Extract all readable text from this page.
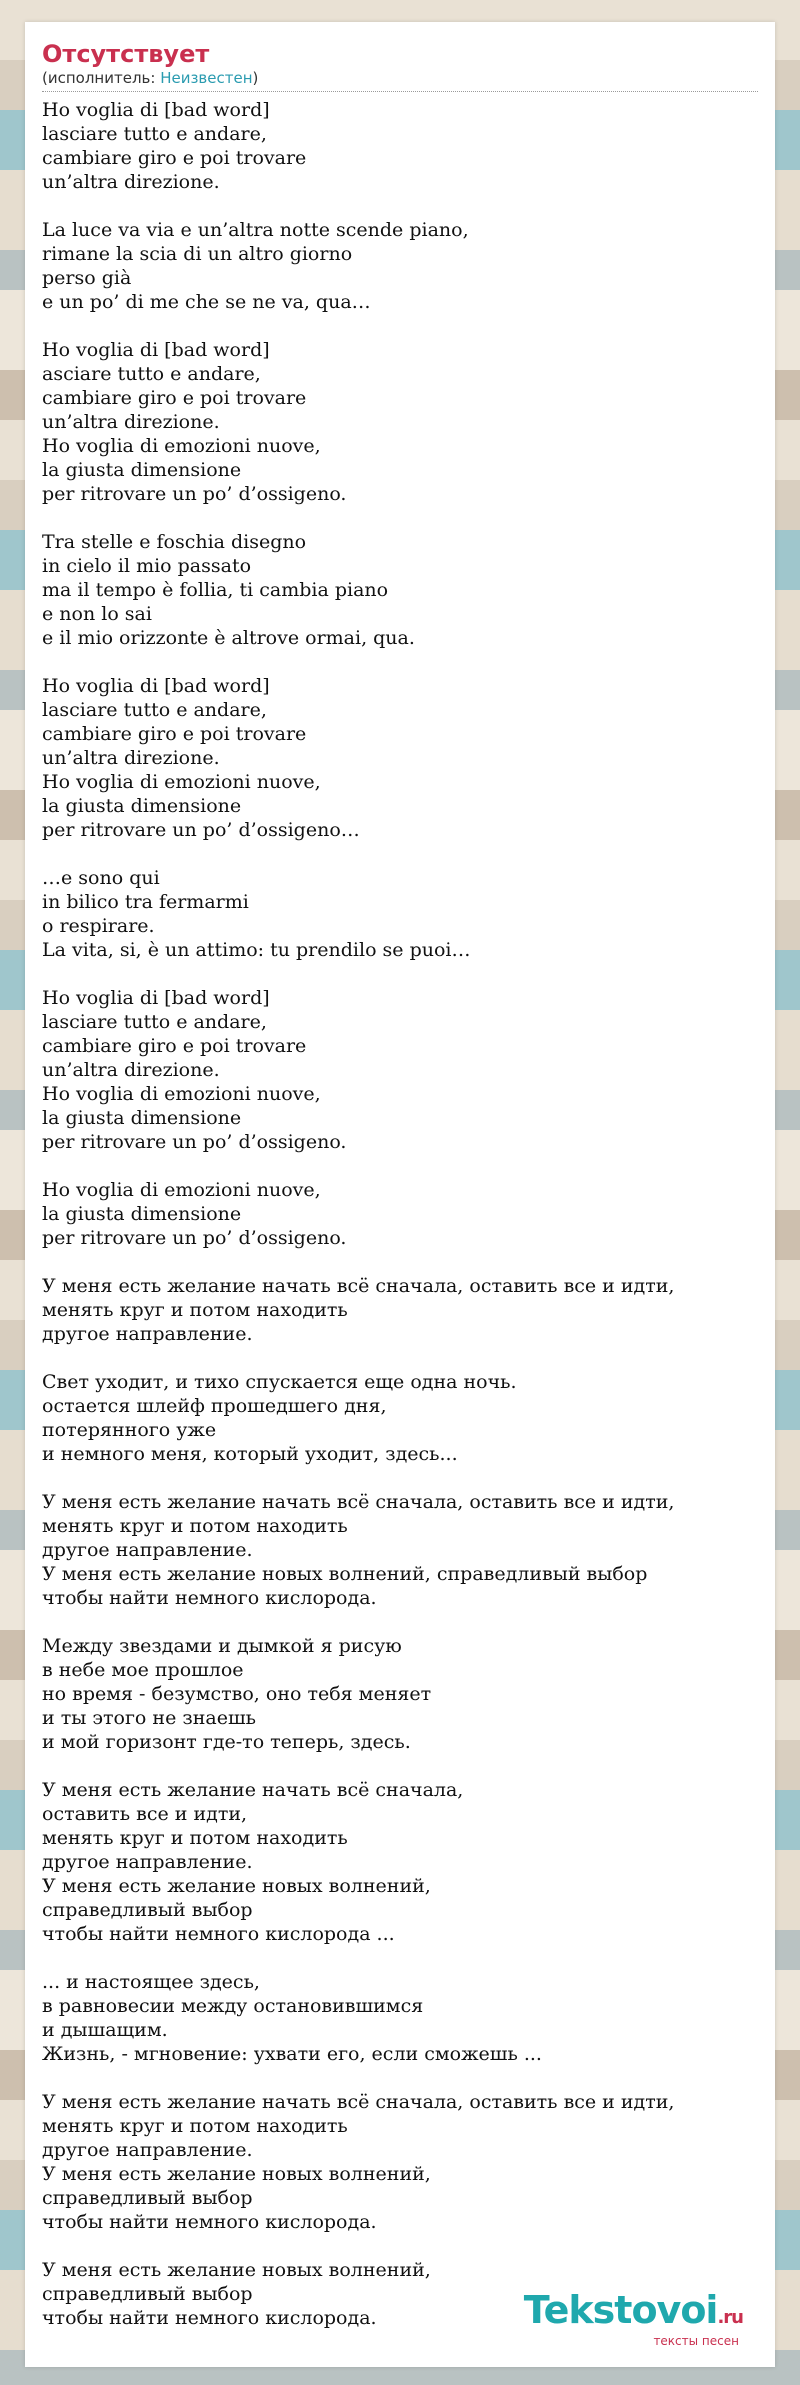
Отсутствует
(исполнитель: Неизвестен)
Ho voglia di [bad word]
lasciare tutto e andare,
cambiare giro e poi trovare
un’altra direzione.

La luce va via e un’altra notte scende piano,
rimane la scia di un altro giorno
perso già
e un po’ di me che se ne va, qua…

Ho voglia di [bad word]
asciare tutto e andare,
cambiare giro e poi trovare
un’altra direzione.
Ho voglia di emozioni nuove,
la giusta dimensione
per ritrovare un po’ d’ossigeno.

Tra stelle e foschia disegno
in cielo il mio passato
ma il tempo è follia, ti cambia piano
e non lo sai
e il mio orizzonte è altrove ormai, qua.

Ho voglia di [bad word]
lasciare tutto e andare,
cambiare giro e poi trovare
un’altra direzione.
Ho voglia di emozioni nuove,
la giusta dimensione
per ritrovare un po’ d’ossigeno…

…e sono qui
in bilico tra fermarmi
o respirare.
La vita, si, è un attimo: tu prendilo se puoi…

Ho voglia di [bad word]
lasciare tutto e andare,
cambiare giro e poi trovare
un’altra direzione.
Ho voglia di emozioni nuove,
la giusta dimensione
per ritrovare un po’ d’ossigeno.

Ho voglia di emozioni nuove,
la giusta dimensione
per ritrovare un po’ d’ossigeno.

У меня есть желание начать всё сначала, оставить все и идти,
менять круг и потом находить
другое направление.

Свет уходит, и тихо спускается еще одна ночь.
остается шлейф прошедшего дня,
потерянного уже
и немного меня, который уходит, здесь...

У меня есть желание начать всё сначала, оставить все и идти,
менять круг и потом находить
другое направление.
У меня есть желание новых волнений, справедливый выбор
чтобы найти немного кислорода.

Между звездами и дымкой я рисую
в небе мое прошлое
но время - безумство, оно тебя меняет
и ты этого не знаешь
и мой горизонт где-то теперь, здесь.

У меня есть желание начать всё сначала,
оставить все и идти,
менять круг и потом находить
другое направление.
У меня есть желание новых волнений,
справедливый выбор
чтобы найти немного кислорода ...

... и настоящее здесь,
в равновесии между остановившимся
и дышащим.
Жизнь, - мгновение: ухвати его, если сможешь ...

У меня есть желание начать всё сначала, оставить все и идти,
менять круг и потом находить
другое направление.
У меня есть желание новых волнений,
справедливый выбор
чтобы найти немного кислорода.

У меня есть желание новых волнений,
справедливый выбор
чтобы найти немного кислорода.	Tekstovoi.ru
тексты песен
